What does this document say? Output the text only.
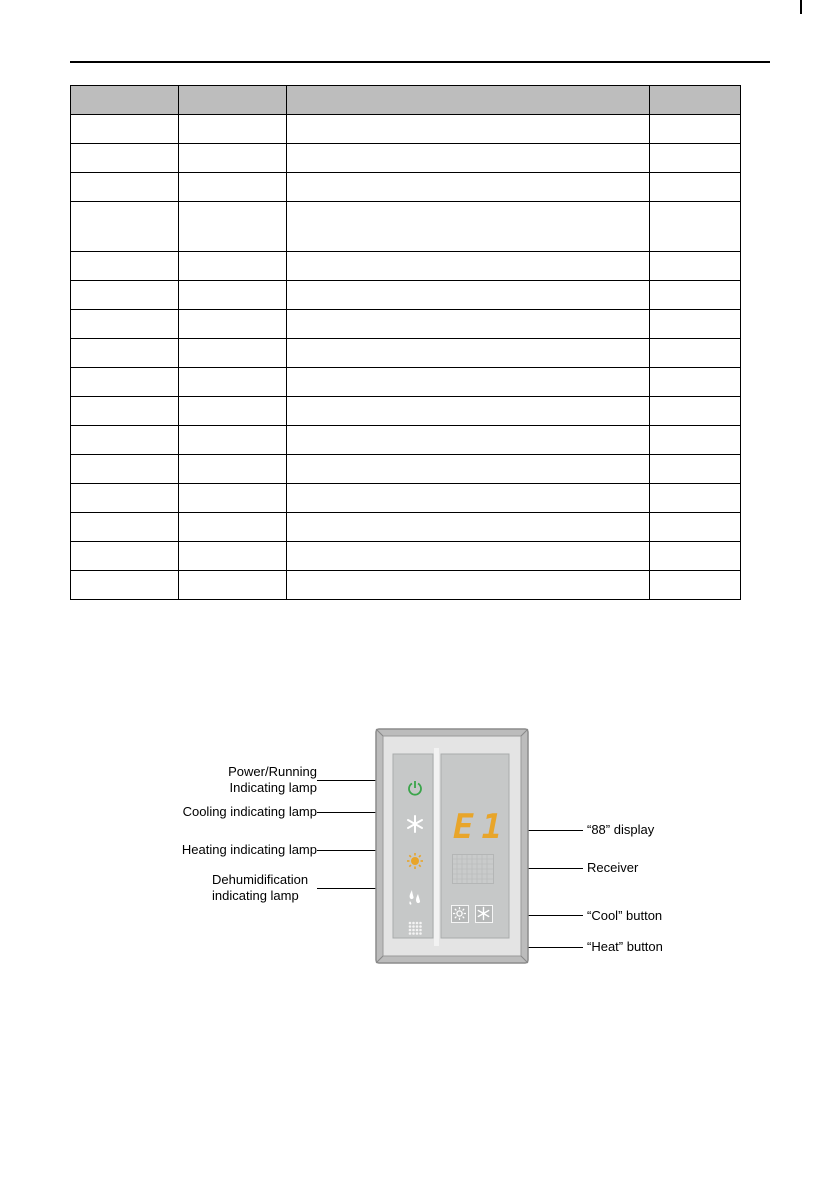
Power/Running
Indicating lamp
Cooling indicating lamp
Heating indicating lamp
Dehumidification
indicating lamp
“88” display
Receiver
“Cool” button
“Heat” button
E1
